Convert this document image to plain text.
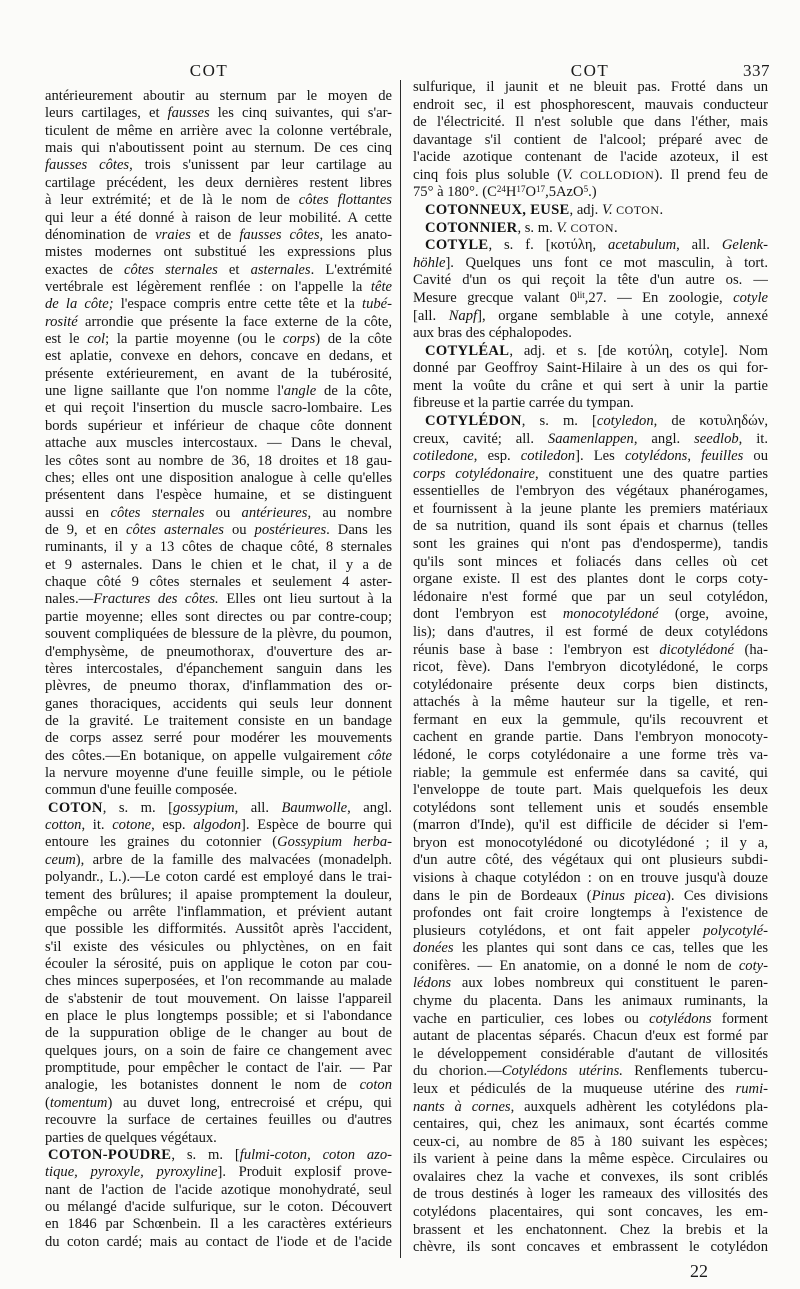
COT	COT	337
antérieurement aboutir au sternum par le moyen de
leurs cartilages, et fausses les cinq suivantes, qui s'ar-
ticulent de même en arrière avec la colonne vertébrale,
mais qui n'aboutissent point au sternum. De ces cinq
fausses côtes, trois s'unissent par leur cartilage au
cartilage précédent, les deux dernières restent libres
à leur extrémité; et de là le nom de côtes flottantes
qui leur a été donné à raison de leur mobilité. A cette
dénomination de vraies et de fausses côtes, les anato-
mistes modernes ont substitué les expressions plus
exactes de côtes sternales et asternales. L'extrémité
vertébrale est légèrement renflée : on l'appelle la tête
de la côte; l'espace compris entre cette tête et la tubé-
rosité arrondie que présente la face externe de la côte,
est le col; la partie moyenne (ou le corps) de la côte
est aplatie, convexe en dehors, concave en dedans, et
présente extérieurement, en avant de la tubérosité,
une ligne saillante que l'on nomme l'angle de la côte,
et qui reçoit l'insertion du muscle sacro-lombaire. Les
bords supérieur et inférieur de chaque côte donnent
attache aux muscles intercostaux. — Dans le cheval,
les côtes sont au nombre de 36, 18 droites et 18 gau-
ches; elles ont une disposition analogue à celle qu'elles
présentent dans l'espèce humaine, et se distinguent
aussi en côtes sternales ou antérieures, au nombre
de 9, et en côtes asternales ou postérieures. Dans les
ruminants, il y a 13 côtes de chaque côté, 8 sternales
et 9 asternales. Dans le chien et le chat, il y a de
chaque côté 9 côtes sternales et seulement 4 aster-
nales.—Fractures des côtes. Elles ont lieu surtout à la
partie moyenne; elles sont directes ou par contre-coup;
souvent compliquées de blessure de la plèvre, du poumon,
d'emphysème, de pneumothorax, d'ouverture des ar-
tères intercostales, d'épanchement sanguin dans les
plèvres, de pneumo thorax, d'inflammation des or-
ganes thoraciques, accidents qui seuls leur donnent
de la gravité. Le traitement consiste en un bandage
de corps assez serré pour modérer les mouvements
des côtes.—En botanique, on appelle vulgairement côte
la nervure moyenne d'une feuille simple, ou le pétiole
commun d'une feuille composée.
COTON, s. m. [gossypium, all. Baumwolle, angl.
cotton, it. cotone, esp. algodon]. Espèce de bourre qui
entoure les graines du cotonnier (Gossypium herba-
ceum), arbre de la famille des malvacées (monadelph.
polyandr., L.).—Le coton cardé est employé dans le trai-
tement des brûlures; il apaise promptement la douleur,
empêche ou arrête l'inflammation, et prévient autant
que possible les difformités. Aussitôt après l'accident,
s'il existe des vésicules ou phlyctènes, on en fait
écouler la sérosité, puis on applique le coton par cou-
ches minces superposées, et l'on recommande au malade
de s'abstenir de tout mouvement. On laisse l'appareil
en place le plus longtemps possible; et si l'abondance
de la suppuration oblige de le changer au bout de
quelques jours, on a soin de faire ce changement avec
promptitude, pour empêcher le contact de l'air. — Par
analogie, les botanistes donnent le nom de coton
(tomentum) au duvet long, entrecroisé et crépu, qui
recouvre la surface de certaines feuilles ou d'autres
parties de quelques végétaux.
COTON-POUDRE, s. m. [fulmi-coton, coton azo-
tique, pyroxyle, pyroxyline]. Produit explosif prove-
nant de l'action de l'acide azotique monohydraté, seul
ou mélangé d'acide sulfurique, sur le coton. Découvert
en 1846 par Schœnbein. Il a les caractères extérieurs
du coton cardé; mais au contact de l'iode et de l'acide
sulfurique, il jaunit et ne bleuit pas. Frotté dans un
endroit sec, il est phosphorescent, mauvais conducteur
de l'électricité. Il n'est soluble que dans l'éther, mais
davantage s'il contient de l'alcool; préparé avec de
l'acide azotique contenant de l'acide azoteux, il est
cinq fois plus soluble (V. COLLODION). Il prend feu de
75° à 180°. $(C^{24}H^{17}O^{17},5AzO^5.)$
COTONNEUX, EUSE, adj. V. COTON.
COTONNIER, s. m. V. COTON.
COTYLE, s. f. [κοτύλη, acetabulum, all. Gelenk-
höhle]. Quelques uns font ce mot masculin, à tort.
Cavité d'un os qui reçoit la tête d'un autre os. —
Mesure grecque valant $0^{lit},27$. — En zoologie, cotyle
[all. Napf], organe semblable à une cotyle, annexé
aux bras des céphalopodes.
COTYLÉAL, adj. et s. [de κοτύλη, cotyle]. Nom
donné par Geoffroy Saint-Hilaire à un des os qui for-
ment la voûte du crâne et qui sert à unir la partie
fibreuse et la partie carrée du tympan.
COTYLÉDON, s. m. [cotyledon, de κοτυληδών,
creux, cavité; all. Saamenlappen, angl. seedlob, it.
cotiledone, esp. cotiledon]. Les cotylédons, feuilles ou
corps cotylédonaire, constituent une des quatre parties
essentielles de l'embryon des végétaux phanérogames,
et fournissent à la jeune plante les premiers matériaux
de sa nutrition, quand ils sont épais et charnus (telles
sont les graines qui n'ont pas d'endosperme), tandis
qu'ils sont minces et foliacés dans celles où cet
organe existe. Il est des plantes dont le corps coty-
lédonaire n'est formé que par un seul cotylédon,
dont l'embryon est monocotylédoné (orge, avoine,
lis); dans d'autres, il est formé de deux cotylédons
réunis base à base : l'embryon est dicotylédoné (ha-
ricot, fève). Dans l'embryon dicotylédoné, le corps
cotylédonaire présente deux corps bien distincts,
attachés à la même hauteur sur la tigelle, et ren-
fermant en eux la gemmule, qu'ils recouvrent et
cachent en grande partie. Dans l'embryon monocoty-
lédoné, le corps cotylédonaire a une forme très va-
riable; la gemmule est enfermée dans sa cavité, qui
l'enveloppe de toute part. Mais quelquefois les deux
cotylédons sont tellement unis et soudés ensemble
(marron d'Inde), qu'il est difficile de décider si l'em-
bryon est monocotylédoné ou dicotylédoné ; il y a,
d'un autre côté, des végétaux qui ont plusieurs subdi-
visions à chaque cotylédon : on en trouve jusqu'à douze
dans le pin de Bordeaux (Pinus picea). Ces divisions
profondes ont fait croire longtemps à l'existence de
plusieurs cotylédons, et ont fait appeler polycotylé-
donées les plantes qui sont dans ce cas, telles que les
conifères. — En anatomie, on a donné le nom de coty-
lédons aux lobes nombreux qui constituent le paren-
chyme du placenta. Dans les animaux ruminants, la
vache en particulier, ces lobes ou cotylédons forment
autant de placentas séparés. Chacun d'eux est formé par
le développement considérable d'autant de villosités
du chorion.—Cotylédons utérins. Renflements tubercu-
leux et pédiculés de la muqueuse utérine des rumi-
nants à cornes, auxquels adhèrent les cotylédons pla-
centaires, qui, chez les animaux, sont écartés comme
ceux-ci, au nombre de 85 à 180 suivant les espèces;
ils varient à peine dans la même espèce. Circulaires ou
ovalaires chez la vache et convexes, ils sont criblés
de trous destinés à loger les rameaux des villosités des
cotylédons placentaires, qui sont concaves, les em-
brassent et les enchatonnent. Chez la brebis et la
chèvre, ils sont concaves et embrassent le cotylédon
22
